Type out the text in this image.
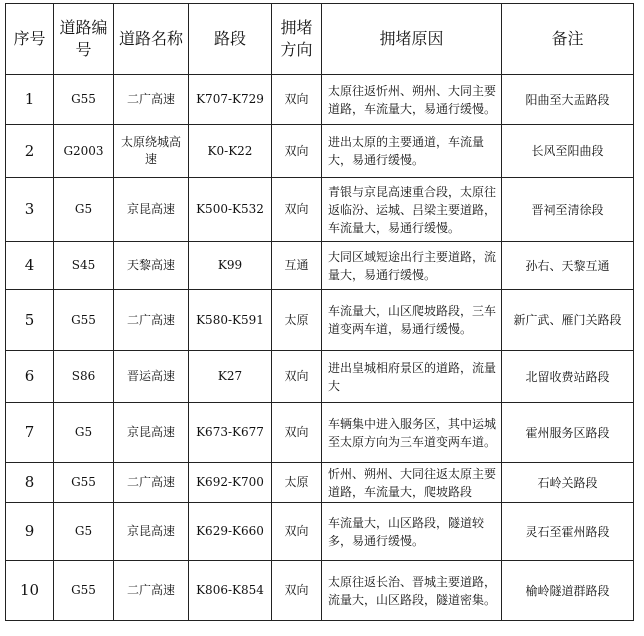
序号	道路编号	道路名称	路段	拥堵方向	拥堵原因	备注
1	G55	二广高速	K707-K729	双向	太原往返忻州、朔州、大同主要道路，车流量大，易通行缓慢。	阳曲至大盂路段
2	G2003	太原绕城高速	K0-K22	双向	进出太原的主要通道，车流量大，易通行缓慢。	长风至阳曲段
3	G5	京昆高速	K500-K532	双向	青银与京昆高速重合段，太原往返临汾、运城、吕梁主要道路，车流量大，易通行缓慢。	晋祠至清徐段
4	S45	天黎高速	K99	互通	大同区域短途出行主要道路，流量大，易通行缓慢。	孙右、天黎互通
5	G55	二广高速	K580-K591	太原	车流量大，山区爬坡路段，三车道变两车道，易通行缓慢。	新广武、雁门关路段
6	S86	晋运高速	K27	双向	进出皇城相府景区的道路，流量大	北留收费站路段
7	G5	京昆高速	K673-K677	双向	车辆集中进入服务区，其中运城至太原方向为三车道变两车道。	霍州服务区路段
8	G55	二广高速	K692-K700	太原	忻州、朔州、大同往返太原主要道路，车流量大，爬坡路段	石岭关路段
9	G5	京昆高速	K629-K660	双向	车流量大，山区路段，隧道较多，易通行缓慢。	灵石至霍州路段
10	G55	二广高速	K806-K854	双向	太原往返长治、晋城主要道路，流量大，山区路段，隧道密集。	榆岭隧道群路段
